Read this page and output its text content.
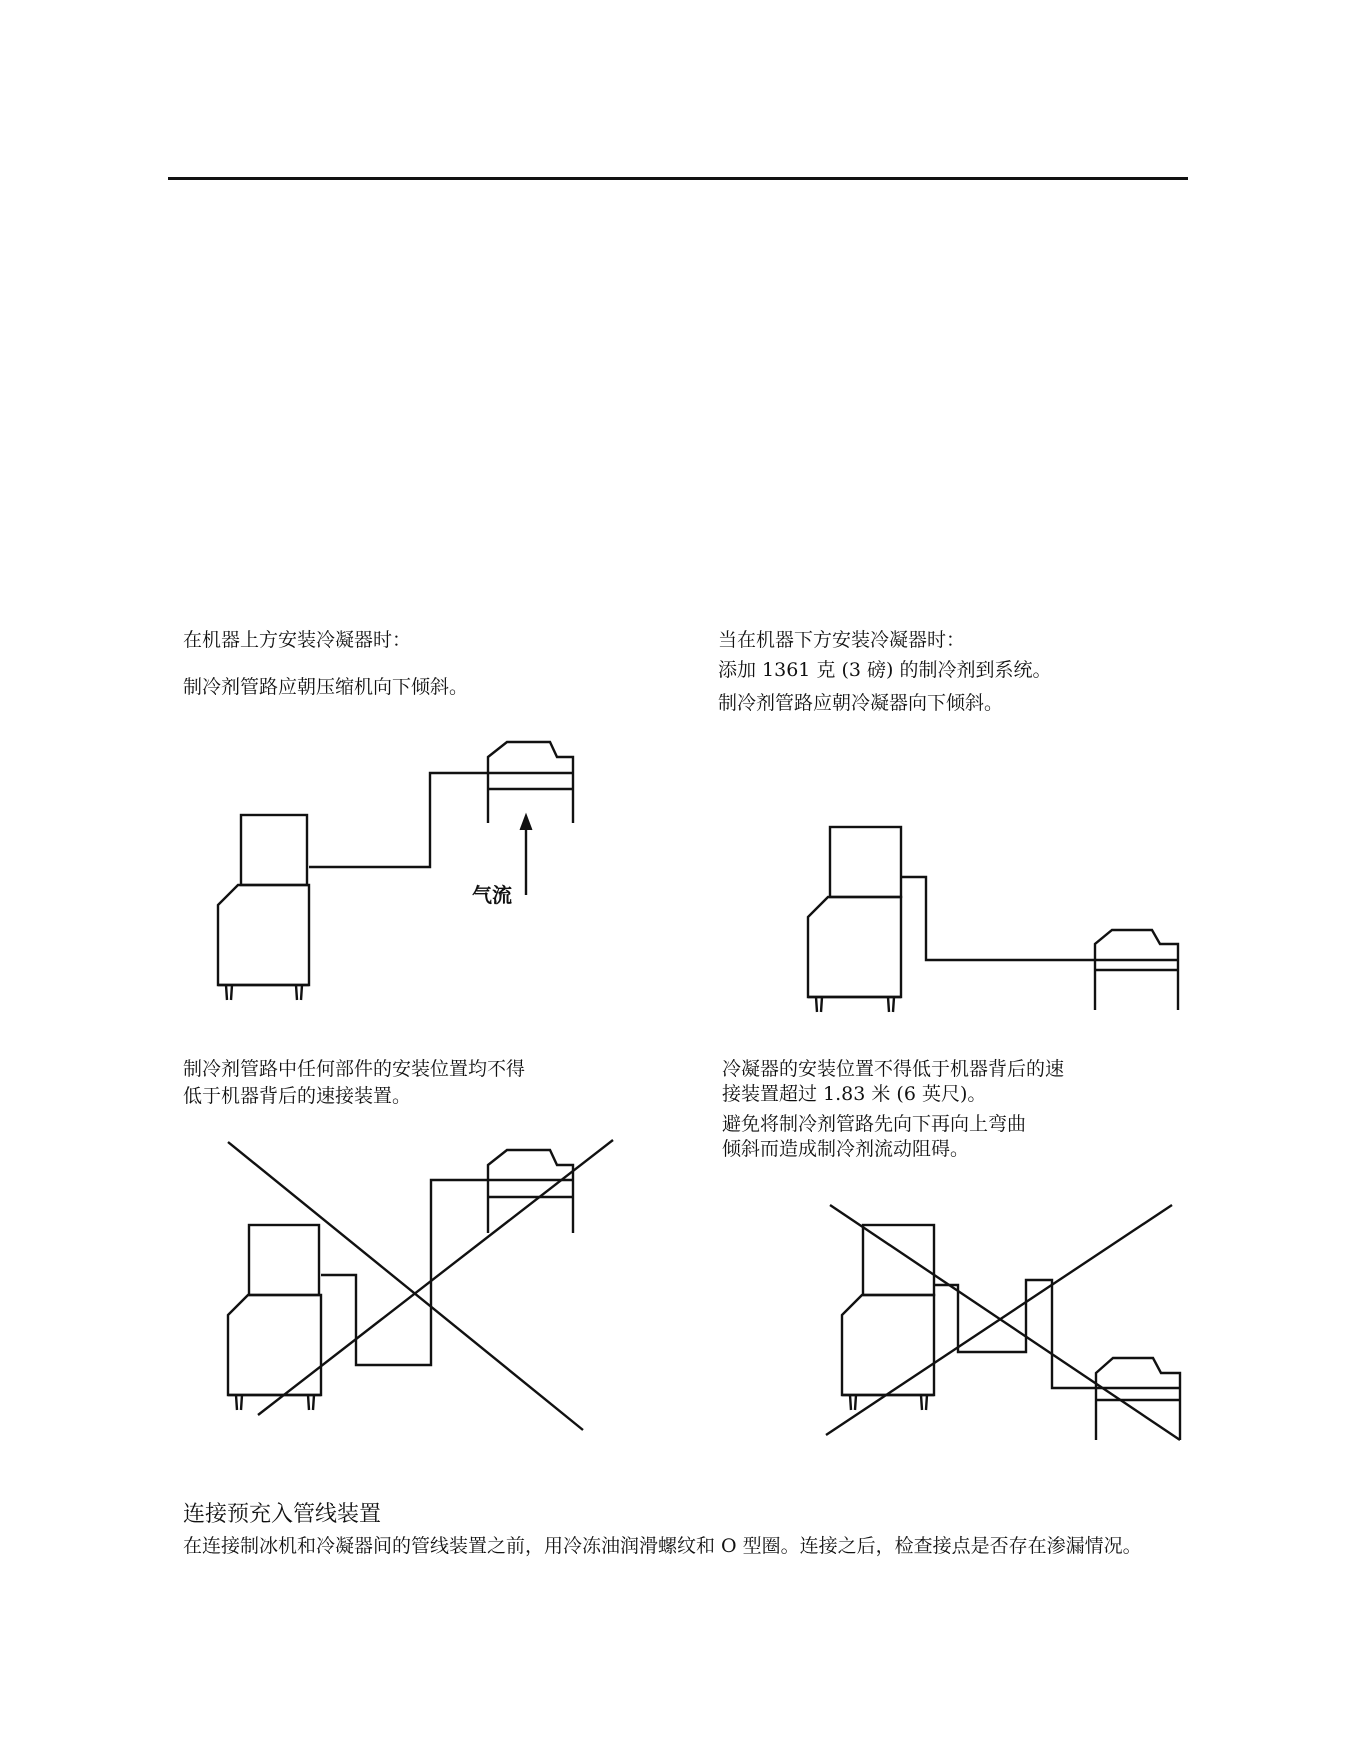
在机器上方安装冷凝器时：
制冷剂管路应朝压缩机向下倾斜。
当在机器下方安装冷凝器时：
添加 1361 克 (3 磅) 的制冷剂到系统。
制冷剂管路应朝冷凝器向下倾斜。
制冷剂管路中任何部件的安装位置均不得
低于机器背后的速接装置。
冷凝器的安装位置不得低于机器背后的速
接装置超过 1.83 米 (6 英尺)。
避免将制冷剂管路先向下再向上弯曲
倾斜而造成制冷剂流动阻碍。
气流
连接预充入管线装置
在连接制冰机和冷凝器间的管线装置之前，用冷冻油润滑螺纹和 O 型圈。连接之后，检查接点是否存在渗漏情况。
